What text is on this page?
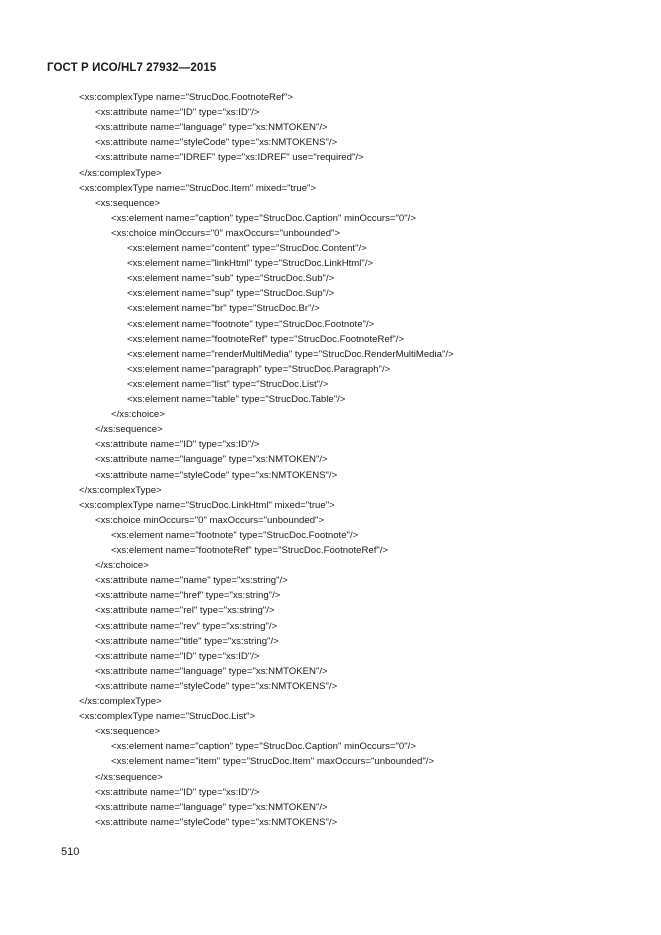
ГОСТ Р ИСО/HL7 27932—2015
<xs:complexType name="StrucDoc.FootnoteRef">
<xs:attribute name="ID" type="xs:ID"/>
<xs:attribute name="language" type="xs:NMTOKEN"/>
<xs:attribute name="styleCode" type="xs:NMTOKENS"/>
<xs:attribute name="IDREF" type="xs:IDREF" use="required"/>
</xs:complexType>
<xs:complexType name="StrucDoc.Item" mixed="true">
<xs:sequence>
<xs:element name="caption" type="StrucDoc.Caption" minOccurs="0"/>
<xs:choice minOccurs="0" maxOccurs="unbounded">
<xs:element name="content" type="StrucDoc.Content"/>
<xs:element name="linkHtml" type="StrucDoc.LinkHtml"/>
<xs:element name="sub" type="StrucDoc.Sub"/>
<xs:element name="sup" type="StrucDoc.Sup"/>
<xs:element name="br" type="StrucDoc.Br"/>
<xs:element name="footnote" type="StrucDoc.Footnote"/>
<xs:element name="footnoteRef" type="StrucDoc.FootnoteRef"/>
<xs:element name="renderMultiMedia" type="StrucDoc.RenderMultiMedia"/>
<xs:element name="paragraph" type="StrucDoc.Paragraph"/>
<xs:element name="list" type="StrucDoc.List"/>
<xs:element name="table" type="StrucDoc.Table"/>
</xs:choice>
</xs:sequence>
<xs:attribute name="ID" type="xs:ID"/>
<xs:attribute name="language" type="xs:NMTOKEN"/>
<xs:attribute name="styleCode" type="xs:NMTOKENS"/>
</xs:complexType>
<xs:complexType name="StrucDoc.LinkHtml" mixed="true">
<xs:choice minOccurs="0" maxOccurs="unbounded">
<xs:element name="footnote" type="StrucDoc.Footnote"/>
<xs:element name="footnoteRef" type="StrucDoc.FootnoteRef"/>
</xs:choice>
<xs:attribute name="name" type="xs:string"/>
<xs:attribute name="href" type="xs:string"/>
<xs:attribute name="rel" type="xs:string"/>
<xs:attribute name="rev" type="xs:string"/>
<xs:attribute name="title" type="xs:string"/>
<xs:attribute name="ID" type="xs:ID"/>
<xs:attribute name="language" type="xs:NMTOKEN"/>
<xs:attribute name="styleCode" type="xs:NMTOKENS"/>
</xs:complexType>
<xs:complexType name="StrucDoc.List">
<xs:sequence>
<xs:element name="caption" type="StrucDoc.Caption" minOccurs="0"/>
<xs:element name="item" type="StrucDoc.Item" maxOccurs="unbounded"/>
</xs:sequence>
<xs:attribute name="ID" type="xs:ID"/>
<xs:attribute name="language" type="xs:NMTOKEN"/>
<xs:attribute name="styleCode" type="xs:NMTOKENS"/>
510
